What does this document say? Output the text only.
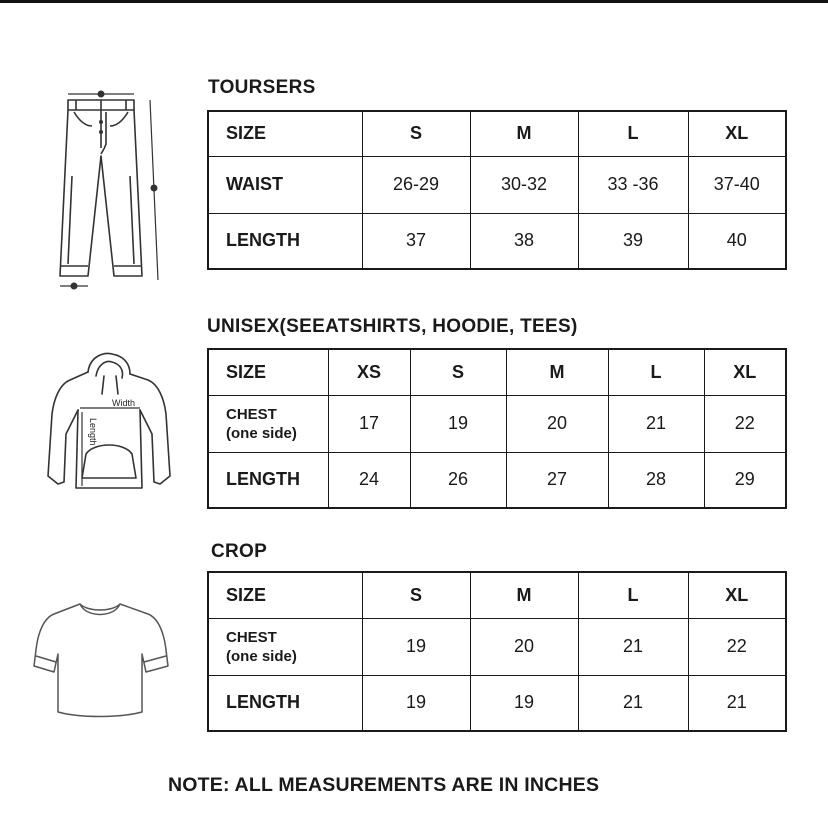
TOURSERS
SIZE	S	M	L	XL
WAIST	26-29	30-32	33 -36	37-40
LENGTH	37	38	39	40
UNISEX(SEEATSHIRTS, HOODIE, TEES)
Width
Length
SIZE	XS	S	M	L	XL
CHEST
(one side)	17	19	20	21	22
LENGTH	24	26	27	28	29
CROP
SIZE	S	M	L	XL
CHEST
(one side)	19	20	21	22
LENGTH	19	19	21	21
NOTE: ALL MEASUREMENTS ARE IN INCHES
